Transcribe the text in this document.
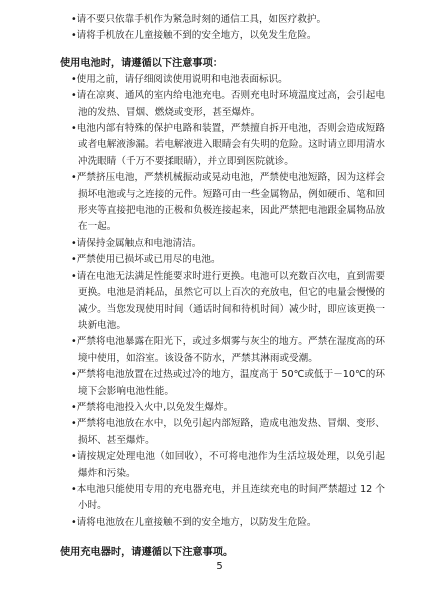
•请不要只依靠手机作为紧急时刻的通信工具，如医疗救护。

•请将手机放在儿童接触不到的安全地方，以免发生危险。

使用电池时，请遵循以下注意事项：

•使用之前，请仔细阅读使用说明和电池表面标识。

•请在凉爽、通风的室内给电池充电。否则充电时环境温度过高，会引起电池的发热、冒烟、燃烧或变形，甚至爆炸。

•电池内部有特殊的保护电路和装置，严禁擅自拆开电池，否则会造成短路或者电解液渗漏。若电解液进入眼睛会有失明的危险。这时请立即用清水冲洗眼睛（千万不要揉眼睛），并立即到医院就诊。

•严禁挤压电池，严禁机械振动或晃动电池，严禁使电池短路，因为这样会损坏电池或与之连接的元件。短路可由一些金属物品，例如硬币、笔和回形夹等直接把电池的正极和负极连接起来，因此严禁把电池跟金属物品放在一起。

•请保持金属触点和电池清洁。

•严禁使用已损坏或已用尽的电池。

•请在电池无法满足性能要求时进行更换。电池可以充数百次电，直到需要更换。电池是消耗品，虽然它可以上百次的充放电，但它的电量会慢慢的减少。当您发现使用时间（通话时间和待机时间）减少时，即应该更换一块新电池。

•严禁将电池暴露在阳光下，或过多烟雾与灰尘的地方。严禁在湿度高的环境中使用，如浴室。该设备不防水，严禁其淋雨或受潮。

•严禁将电池放置在过热或过冷的地方，温度高于 50℃或低于－10℃的环境下会影响电池性能。

•严禁将电池投入火中,以免发生爆炸。

•严禁将电池放在水中，以免引起内部短路，造成电池发热、冒烟、变形、损坏、甚至爆炸。

•请按规定处理电池（如回收），不可将电池作为生活垃圾处理，以免引起爆炸和污染。

•本电池只能使用专用的充电器充电，并且连续充电的时间严禁超过 12 个小时。

•请将电池放在儿童接触不到的安全地方，以防发生危险。

使用充电器时，请遵循以下注意事项。
5
